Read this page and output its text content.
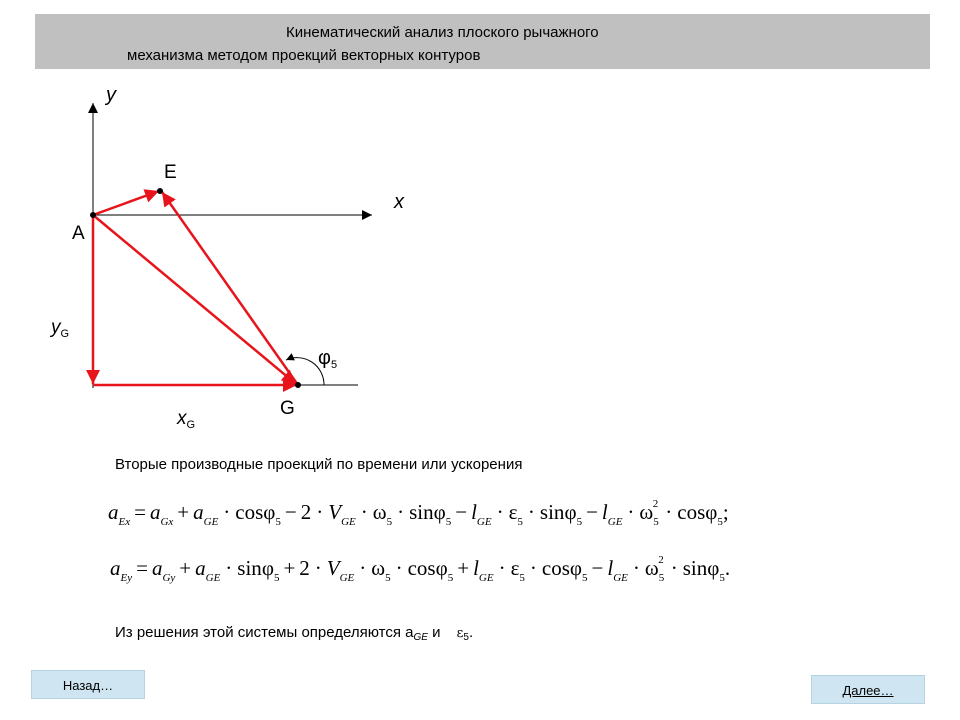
Кинематический анализ плоского рычажного
механизма методом проекций векторных контуров
y
x
A
E
G
$y_G$
$x_G$
$\varphi_5$
Вторые производные проекций по времени или ускорения
aEx = aGx + aGE · cosφ5 − 2 · VGE · ω5 · sinφ5 − lGE · ε5 · sinφ5 − lGE · ω52 · cosφ5;
aEy = aGy + aGE · sinφ5 + 2 · VGE · ω5 · cosφ5 + lGE · ε5 · cosφ5 − lGE · ω52 · sinφ5.
Из решения этой системы определяются $a_{GE}$ и $\varepsilon_5$.
Назад…	Далее…
